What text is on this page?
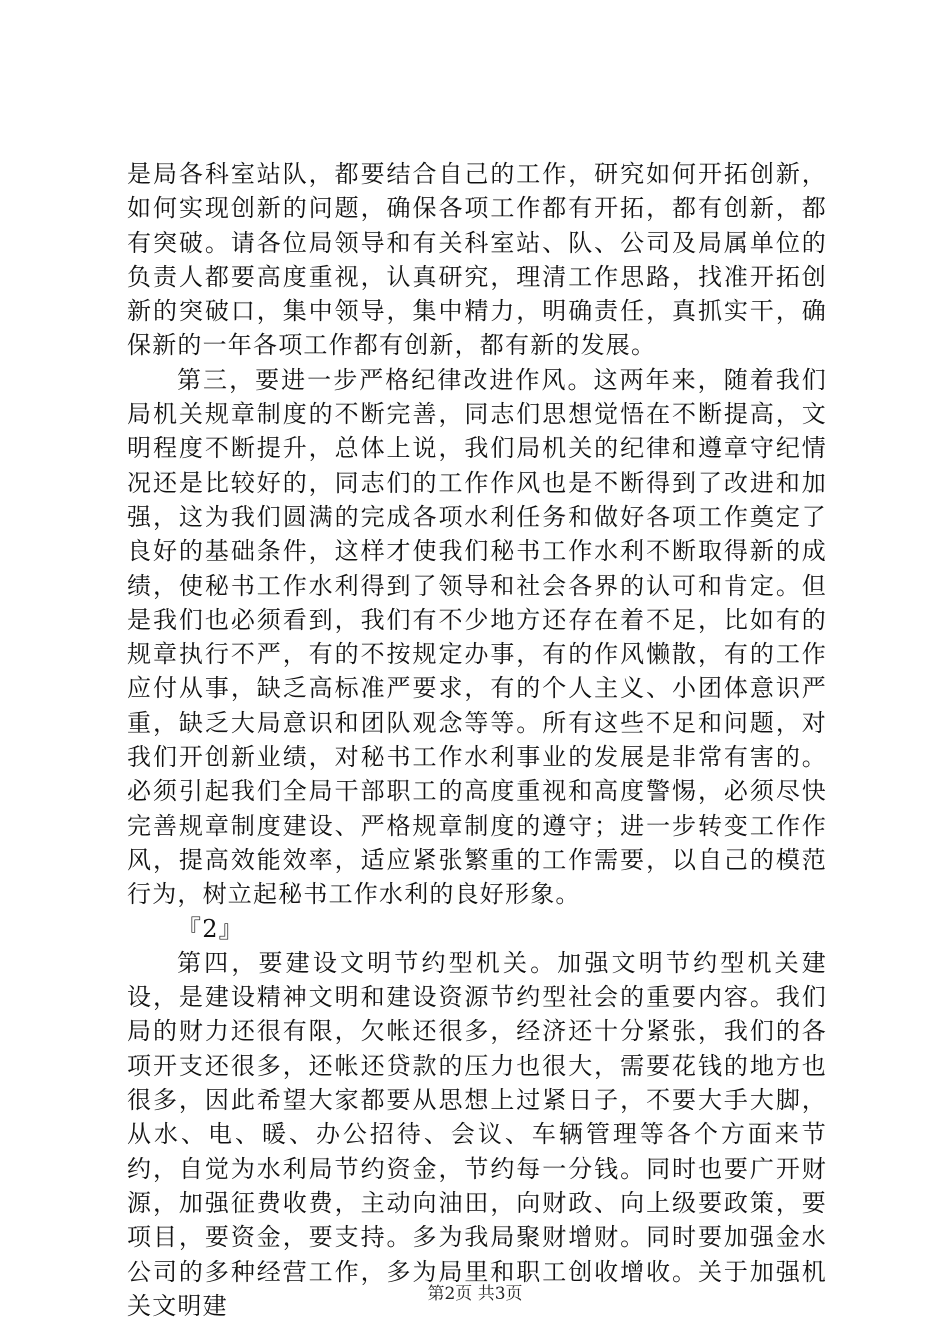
是局各科室站队，都要结合自己的工作，研究如何开拓创新，如何实现创新的问题，确保各项工作都有开拓，都有创新，都有突破。请各位局领导和有关科室站、队、公司及局属单位的负责人都要高度重视，认真研究，理清工作思路，找准开拓创新的突破口，集中领导，集中精力，明确责任，真抓实干，确保新的一年各项工作都有创新，都有新的发展。

第三，要进一步严格纪律改进作风。这两年来，随着我们局机关规章制度的不断完善，同志们思想觉悟在不断提高，文明程度不断提升，总体上说，我们局机关的纪律和遵章守纪情况还是比较好的，同志们的工作作风也是不断得到了改进和加强，这为我们圆满的完成各项水利任务和做好各项工作奠定了良好的基础条件，这样才使我们秘书工作水利不断取得新的成绩，使秘书工作水利得到了领导和社会各界的认可和肯定。但是我们也必须看到，我们有不少地方还存在着不足，比如有的规章执行不严，有的不按规定办事，有的作风懒散，有的工作应付从事，缺乏高标准严要求，有的个人主义、小团体意识严重，缺乏大局意识和团队观念等等。所有这些不足和问题，对我们开创新业绩，对秘书工作水利事业的发展是非常有害的。必须引起我们全局干部职工的高度重视和高度警惕，必须尽快完善规章制度建设、严格规章制度的遵守；进一步转变工作作风，提高效能效率，适应紧张繁重的工作需要，以自己的模范行为，树立起秘书工作水利的良好形象。

『2』

第四，要建设文明节约型机关。加强文明节约型机关建设，是建设精神文明和建设资源节约型社会的重要内容。我们局的财力还很有限，欠帐还很多，经济还十分紧张，我们的各项开支还很多，还帐还贷款的压力也很大，需要花钱的地方也很多，因此希望大家都要从思想上过紧日子，不要大手大脚，从水、电、暖、办公招待、会议、车辆管理等各个方面来节约，自觉为水利局节约资金，节约每一分钱。同时也要广开财源，加强征费收费，主动向油田，向财政、向上级要政策，要项目，要资金，要支持。多为我局聚财增财。同时要加强金水公司的多种经营工作，多为局里和职工创收增收。关于加强机关文明建	第2页 共3页
